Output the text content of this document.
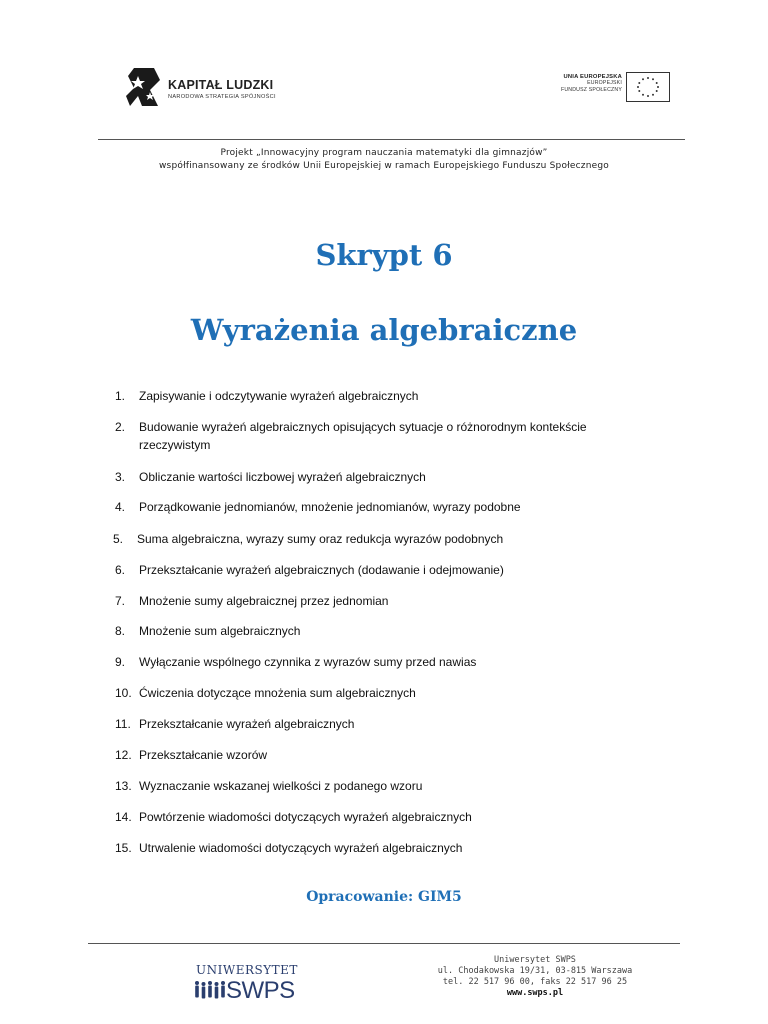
KAPITAŁ LUDZKI
NARODOWA STRATEGIA SPÓJNOŚCI
UNIA EUROPEJSKA
EUROPEJSKI
FUNDUSZ SPOŁECZNY
Projekt „Innowacyjny program nauczania matematyki dla gimnazjów”
współfinansowany ze środków Unii Europejskiej w ramach Europejskiego Funduszu Społecznego
Skrypt 6
Wyrażenia algebraiczne
1.	Zapisywanie i odczytywanie wyrażeń algebraicznych
2.	Budowanie wyrażeń algebraicznych opisujących sytuacje o różnorodnym kontekście
rzeczywistym
3.	Obliczanie wartości liczbowej wyrażeń algebraicznych
4.	Porządkowanie jednomianów, mnożenie jednomianów, wyrazy podobne
5.	Suma algebraiczna, wyrazy sumy oraz redukcja wyrazów podobnych
6.	Przekształcanie wyrażeń algebraicznych (dodawanie i odejmowanie)
7.	Mnożenie sumy algebraicznej przez jednomian
8.	Mnożenie sum algebraicznych
9.	Wyłączanie wspólnego czynnika z wyrazów sumy przed nawias
10. Ćwiczenia dotyczące mnożenia sum algebraicznych
11. Przekształcanie wyrażeń algebraicznych
12. Przekształcanie wzorów
13. Wyznaczanie wskazanej wielkości z podanego wzoru
14. Powtórzenie wiadomości dotyczących wyrażeń algebraicznych
15. Utrwalenie wiadomości dotyczących wyrażeń algebraicznych
Opracowanie: GIM5
UNIWERSYTET
SWPS
Uniwersytet SWPS
ul. Chodakowska 19/31, 03-815 Warszawa
tel. 22 517 96 00, faks 22 517 96 25
www.swps.pl
